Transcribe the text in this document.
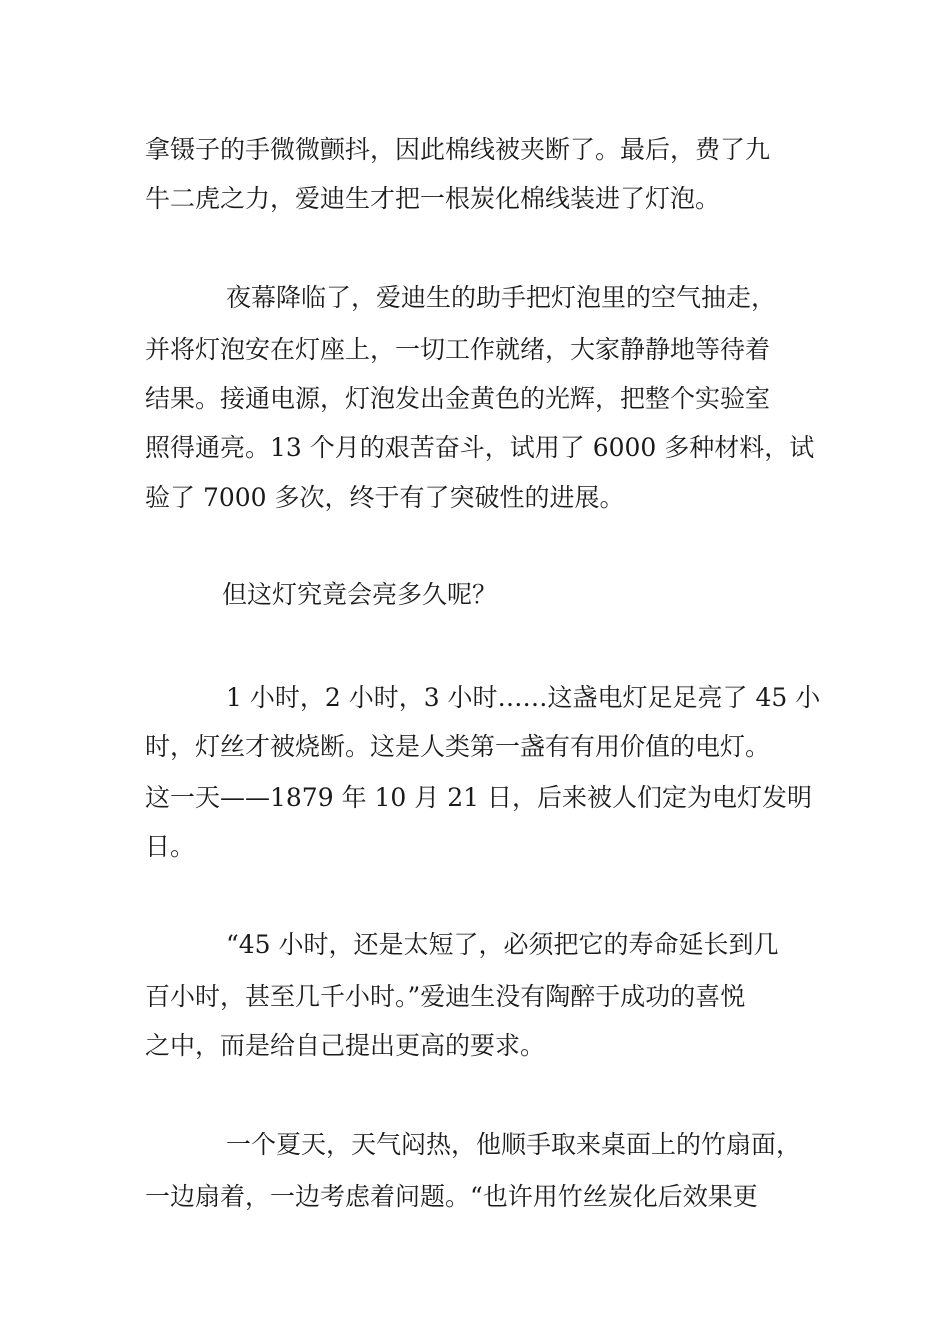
拿镊子的手微微颤抖，因此棉线被夹断了。最后，费了九
牛二虎之力，爱迪生才把一根炭化棉线装进了灯泡。
夜幕降临了，爱迪生的助手把灯泡里的空气抽走，
并将灯泡安在灯座上，一切工作就绪，大家静静地等待着
结果。接通电源，灯泡发出金黄色的光辉，把整个实验室
照得通亮。13 个月的艰苦奋斗，试用了 6000 多种材料，试
验了 7000 多次，终于有了突破性的进展。
但这灯究竟会亮多久呢？
1 小时，2 小时，3 小时……这盏电灯足足亮了 45 小
时，灯丝才被烧断。这是人类第一盏有有用价值的电灯。
这一天——1879 年 10 月 21 日，后来被人们定为电灯发明
日。
“45 小时，还是太短了，必须把它的寿命延长到几
百小时，甚至几千小时。”爱迪生没有陶醉于成功的喜悦
之中，而是给自己提出更高的要求。
一个夏天，天气闷热，他顺手取来桌面上的竹扇面，
一边扇着，一边考虑着问题。“也许用竹丝炭化后效果更
